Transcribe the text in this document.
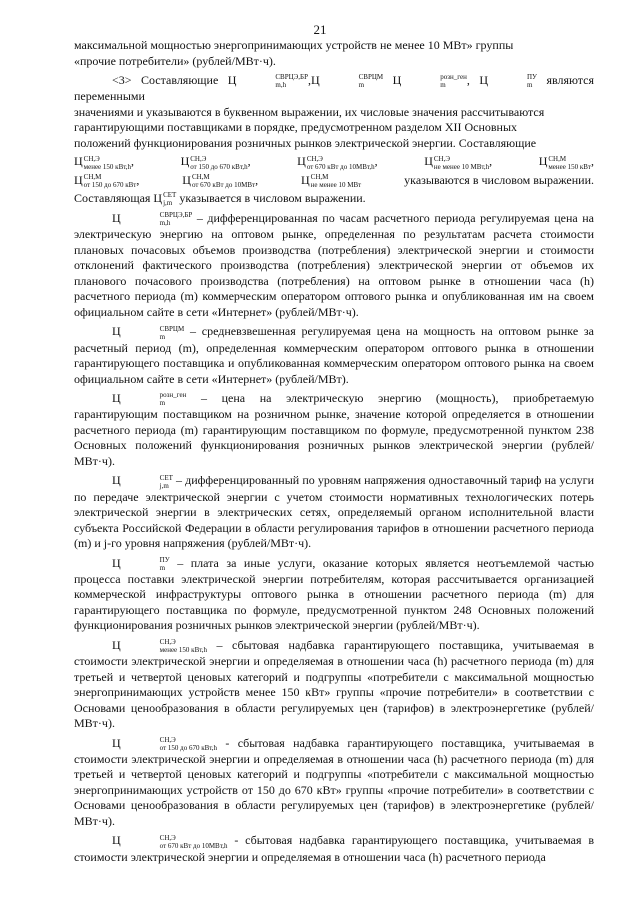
21

максимальной мощностью энергопринимающих устройств не менее 10 МВт» группы

«прочие потребители» (рублей/МВт·ч).

<3> Составляющие Ц	СВРЦЭ,БР
m,h	,Ц	СВРЦМ
m	Ц	розн_ген
m	, Ц	ПУ
m	являются переменными

значениями и указываются в буквенном выражении, их числовые значения рассчитываются

гарантирующими поставщиками в порядке, предусмотренном разделом XII Основных

положений функционирования розничных рынков электрической энергии. Составляющие

Ц СН,Э
менее 150 кВт,h ,	Ц СН,Э
от 150 до 670 кВт,h ,	Ц СН,Э
от 670 кВт до 10МВт,h ,	Ц СН,Э
не менее 10 МВт,h ,	Ц СН,М
менее 150 кВт ,
Ц СН,М
от 150 до 670 кВт ,	Ц СН,М
от 670 кВт до 10МВт ,	Ц СН,М
не менее 10 МВт	указываются в числовом выражении.

Составляющая Ц СЕТ
j,m указывается в числовом выражении.

Ц	СВРЦЭ,БР
m,h	– дифференцированная по часам расчетного периода регулируемая цена на электрическую энергию на оптовом рынке, определенная по результатам расчета стоимости плановых почасовых объемов производства (потребления) электрической энергии и стоимости отклонений фактического производства (потребления) электрической энергии от объемов их планового почасового производства (потребления) на оптовом рынке в отношении часа (h) расчетного периода (m) коммерческим оператором оптового рынка и опубликованная им на своем официальном сайте в сети «Интернет» (рублей/МВт·ч).

Ц	СВРЦМ
m	– средневзвешенная регулируемая цена на мощность на оптовом рынке за расчетный период (m), определенная коммерческим оператором оптового рынка в отношении гарантирующего поставщика и опубликованная коммерческим оператором оптового рынка на своем официальном сайте в сети «Интернет» (рублей/МВт).

Ц	розн_ген
m	– цена на электрическую энергию (мощность), приобретаемую гарантирующим поставщиком на розничном рынке, значение которой определяется в отношении расчетного периода (m) гарантирующим поставщиком по формуле, предусмотренной пунктом 238 Основных положений функционирования розничных рынков электрической энергии (рублей/МВт·ч).

Ц	СЕТ
j,m – дифференцированный по уровням напряжения одноставочный тариф на услуги по передаче электрической энергии с учетом стоимости нормативных технологических потерь электрической энергии в электрических сетях, определяемый органом исполнительной власти субъекта Российской Федерации в области регулирования тарифов в отношении расчетного периода (m) и j-го уровня напряжения (рублей/МВт·ч).

Ц	ПУ
m	– плата за иные услуги, оказание которых является неотъемлемой частью процесса поставки электрической энергии потребителям, которая рассчитывается организацией коммерческой инфраструктуры оптового рынка в отношении расчетного периода (m) для гарантирующего поставщика по формуле, предусмотренной пунктом 248 Основных положений функционирования розничных рынков электрической энергии (рублей/МВт·ч).

Ц	СН,Э
менее 150 кВт,h – сбытовая надбавка гарантирующего поставщика, учитываемая в стоимости электрической энергии и определяемая в отношении часа (h) расчетного периода (m) для третьей и четвертой ценовых категорий и подгруппы «потребители с максимальной мощностью энергопринимающих устройств менее 150 кВт» группы «прочие потребители» в соответствии с Основами ценообразования в области регулируемых цен (тарифов) в электроэнергетике (рублей/МВт·ч).

Ц	СН,Э
от 150 до 670 кВт,h - сбытовая надбавка гарантирующего поставщика, учитываемая в стоимости электрической энергии и определяемая в отношении часа (h) расчетного периода (m) для третьей и четвертой ценовых категорий и подгруппы «потребители с максимальной мощностью энергопринимающих устройств от 150 до 670 кВт» группы «прочие потребители» в соответствии с Основами ценообразования в области регулируемых цен (тарифов) в электроэнергетике (рублей/МВт·ч).

Ц	СН,Э
от 670 кВт до 10МВт,h - сбытовая надбавка гарантирующего поставщика, учитываемая в стоимости электрической энергии и определяемая в отношении часа (h) расчетного периода
